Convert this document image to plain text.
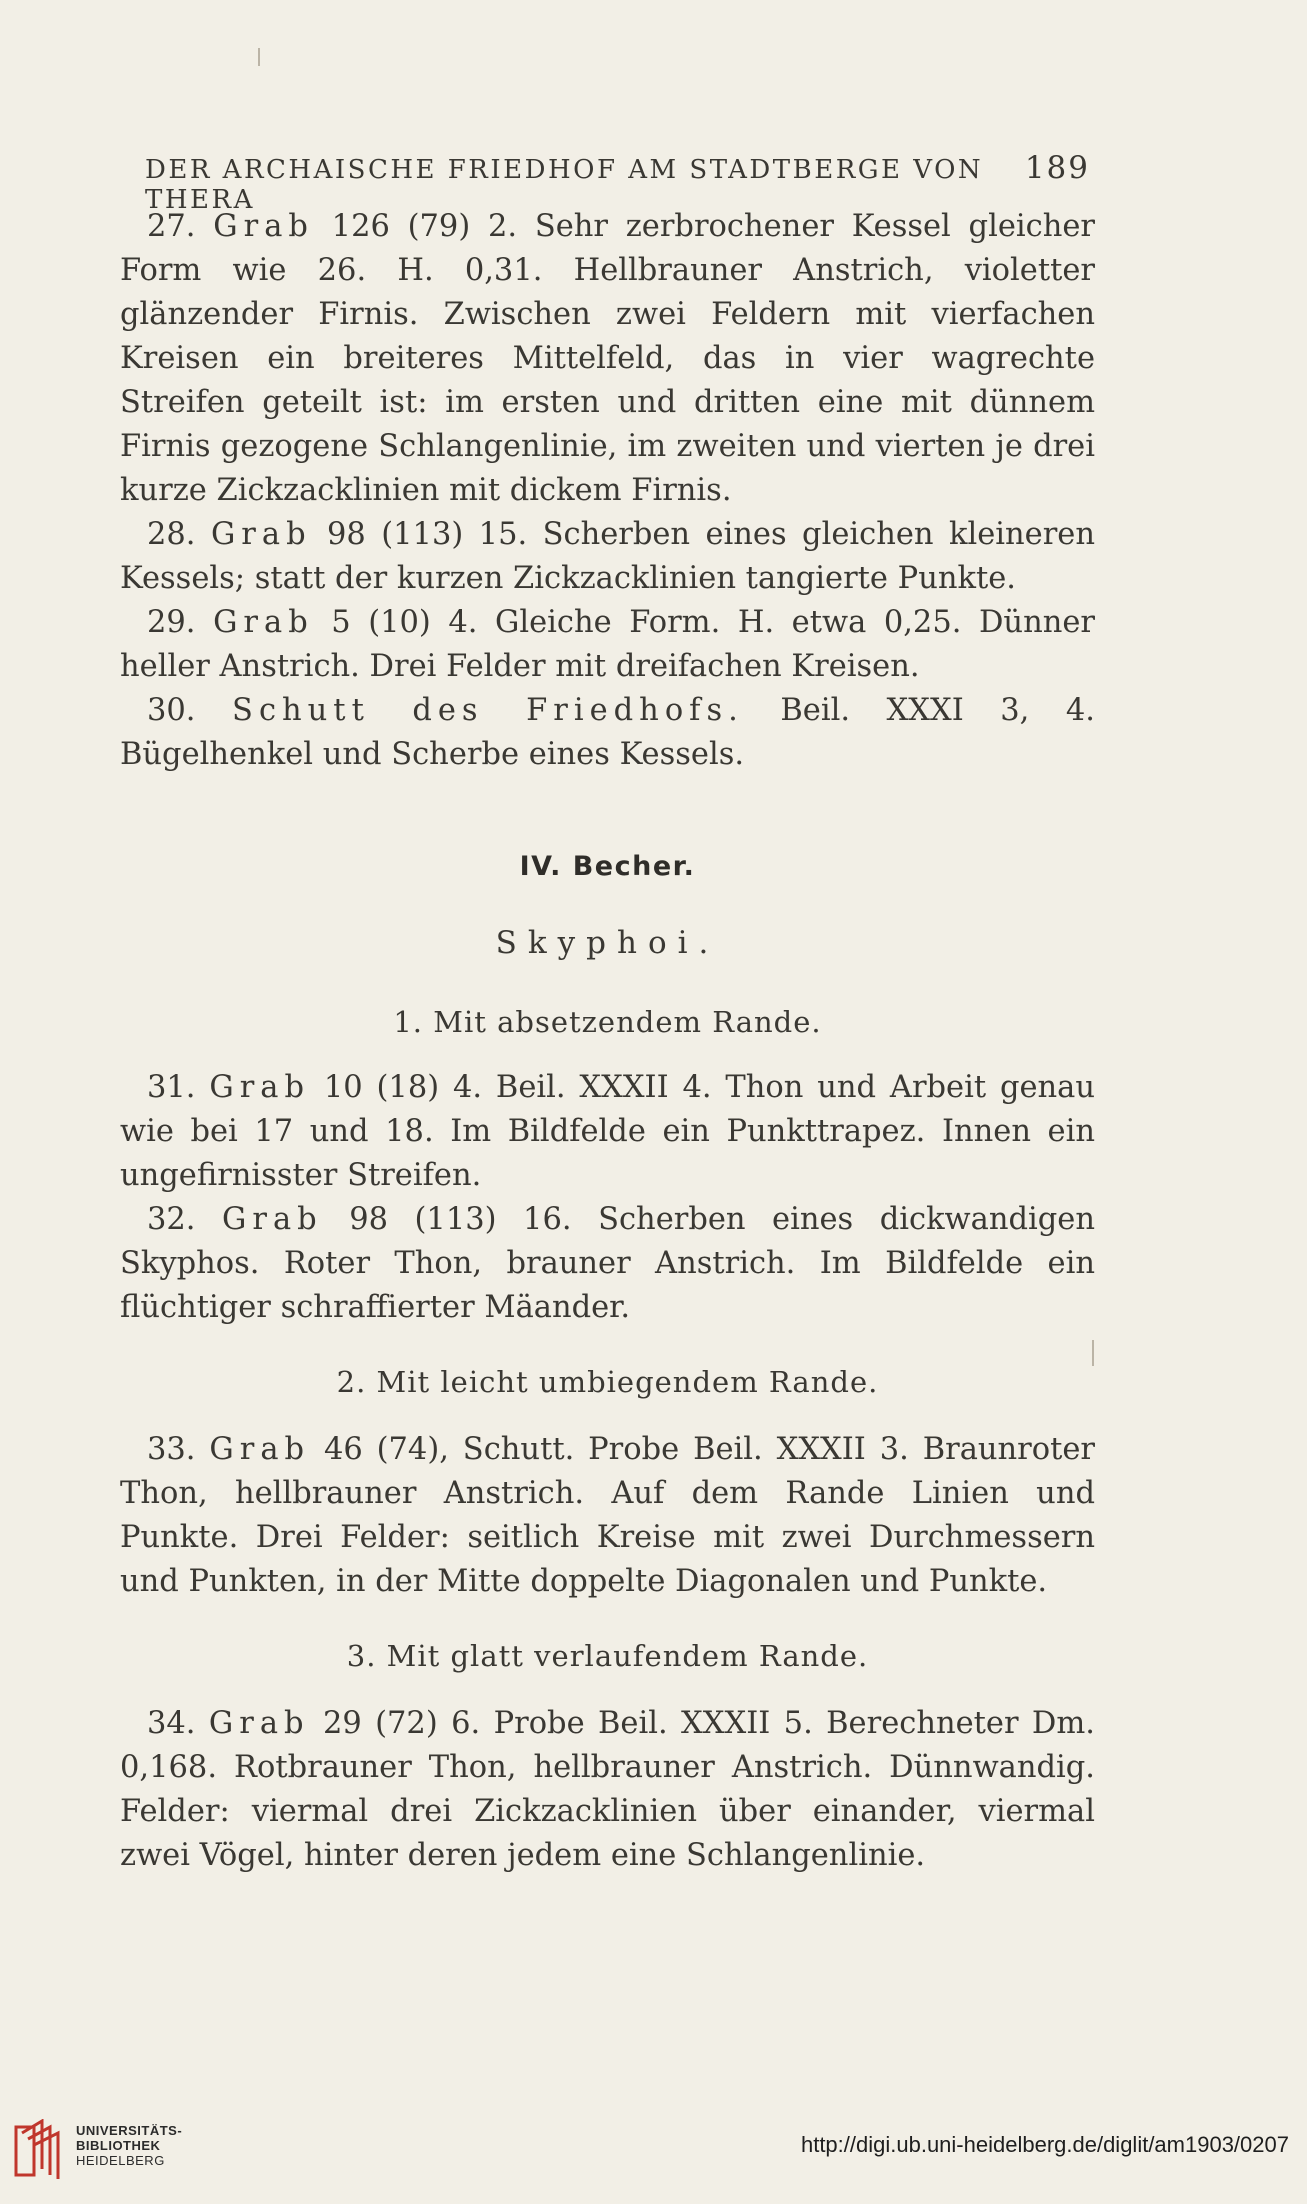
DER ARCHAISCHE FRIEDHOF AM STADTBERGE VON THERA
189

27. Grab 126 (79) 2. Sehr zerbrochener Kessel gleicher Form wie 26. H. 0,31. Hellbrauner Anstrich, violetter glänzender Firnis. Zwischen zwei Feldern mit vierfachen Kreisen ein breiteres Mittelfeld, das in vier wagrechte Streifen geteilt ist: im ersten und dritten eine mit dünnem Firnis gezogene Schlangenlinie, im zweiten und vierten je drei kurze Zickzacklinien mit dickem Firnis.

28. Grab 98 (113) 15. Scherben eines gleichen kleineren Kessels; statt der kurzen Zickzacklinien tangierte Punkte.

29. Grab 5 (10) 4. Gleiche Form. H. etwa 0,25. Dünner heller Anstrich. Drei Felder mit dreifachen Kreisen.

30. Schutt des Friedhofs. Beil. XXXI 3, 4. Bügelhenkel und Scherbe eines Kessels.

IV. Becher.
Skyphoi.
1. Mit absetzendem Rande.

31. Grab 10 (18) 4. Beil. XXXII 4. Thon und Arbeit genau wie bei 17 und 18. Im Bildfelde ein Punkttrapez. Innen ein ungefirnisster Streifen.

32. Grab 98 (113) 16. Scherben eines dickwandigen Skyphos. Roter Thon, brauner Anstrich. Im Bildfelde ein flüchtiger schraffierter Mäander.

2. Mit leicht umbiegendem Rande.

33. Grab 46 (74), Schutt. Probe Beil. XXXII 3. Braunroter Thon, hellbrauner Anstrich. Auf dem Rande Linien und Punkte. Drei Felder: seitlich Kreise mit zwei Durchmessern und Punkten, in der Mitte doppelte Diagonalen und Punkte.

3. Mit glatt verlaufendem Rande.

34. Grab 29 (72) 6. Probe Beil. XXXII 5. Berechneter Dm. 0,168. Rotbrauner Thon, hellbrauner Anstrich. Dünnwandig. Felder: viermal drei Zickzacklinien über einander, viermal zwei Vögel, hinter deren jedem eine Schlangenlinie.

UNIVERSITÄTS-
BIBLIOTHEK
HEIDELBERG
http://digi.ub.uni-heidelberg.de/diglit/am1903/0207
